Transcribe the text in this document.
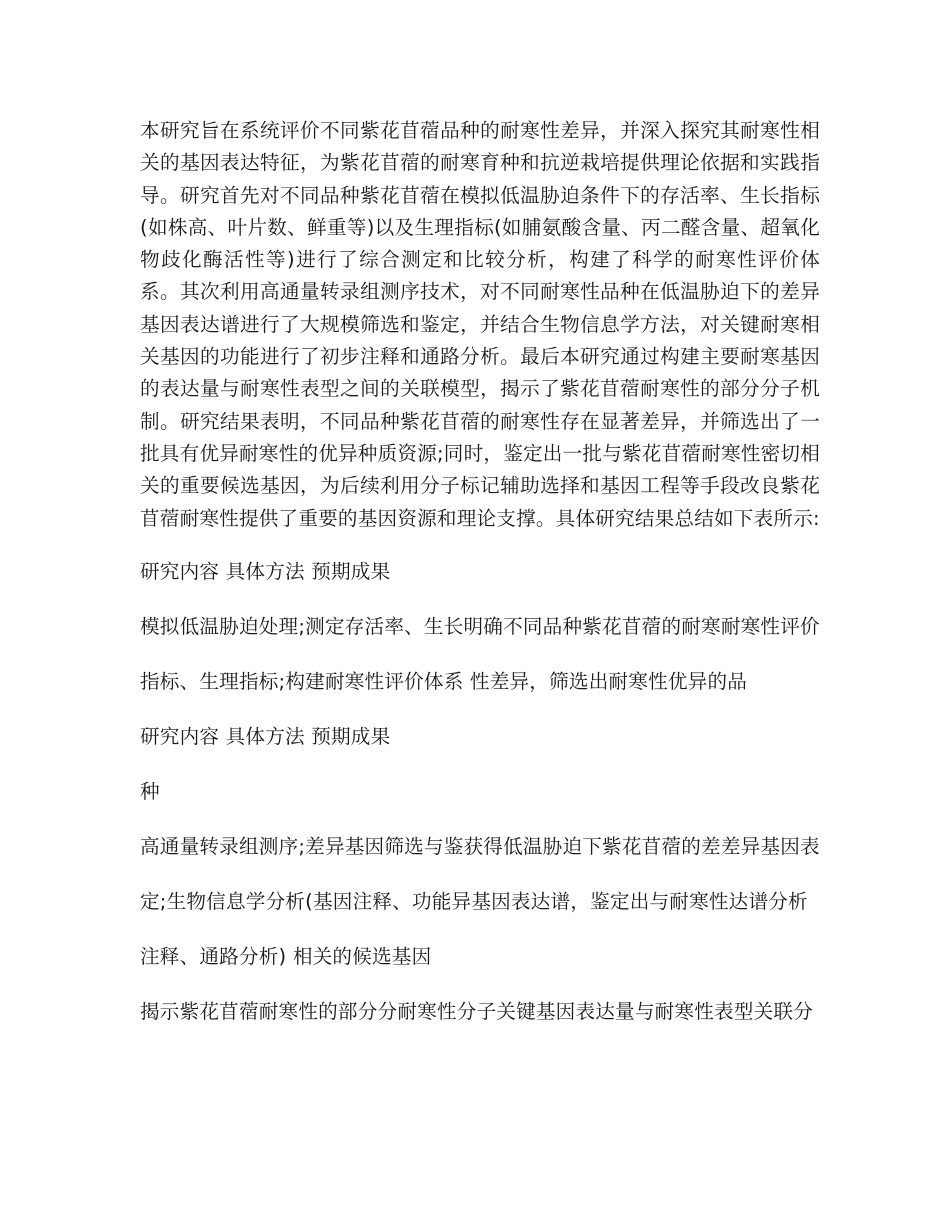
本研究旨在系统评价不同紫花苜蓿品种的耐寒性差异，并深入探究其耐寒性相关的基因表达特征，为紫花苜蓿的耐寒育种和抗逆栽培提供理论依据和实践指导。研究首先对不同品种紫花苜蓿在模拟低温胁迫条件下的存活率、生长指标(如株高、叶片数、鲜重等)以及生理指标(如脯氨酸含量、丙二醛含量、超氧化物歧化酶活性等)进行了综合测定和比较分析，构建了科学的耐寒性评价体系。其次利用高通量转录组测序技术，对不同耐寒性品种在低温胁迫下的差异基因表达谱进行了大规模筛选和鉴定，并结合生物信息学方法，对关键耐寒相关基因的功能进行了初步注释和通路分析。最后本研究通过构建主要耐寒基因的表达量与耐寒性表型之间的关联模型，揭示了紫花苜蓿耐寒性的部分分子机制。研究结果表明，不同品种紫花苜蓿的耐寒性存在显著差异，并筛选出了一批具有优异耐寒性的优异种质资源;同时，鉴定出一批与紫花苜蓿耐寒性密切相关的重要候选基因，为后续利用分子标记辅助选择和基因工程等手段改良紫花苜蓿耐寒性提供了重要的基因资源和理论支撑。具体研究结果总结如下表所示:

研究内容 具体方法 预期成果

模拟低温胁迫处理;测定存活率、生长明确不同品种紫花苜蓿的耐寒耐寒性评价

指标、生理指标;构建耐寒性评价体系 性差异，筛选出耐寒性优异的品

研究内容 具体方法 预期成果

种

高通量转录组测序;差异基因筛选与鉴获得低温胁迫下紫花苜蓿的差差异基因表

定;生物信息学分析(基因注释、功能异基因表达谱，鉴定出与耐寒性达谱分析

注释、通路分析) 相关的候选基因

揭示紫花苜蓿耐寒性的部分分耐寒性分子关键基因表达量与耐寒性表型关联分
